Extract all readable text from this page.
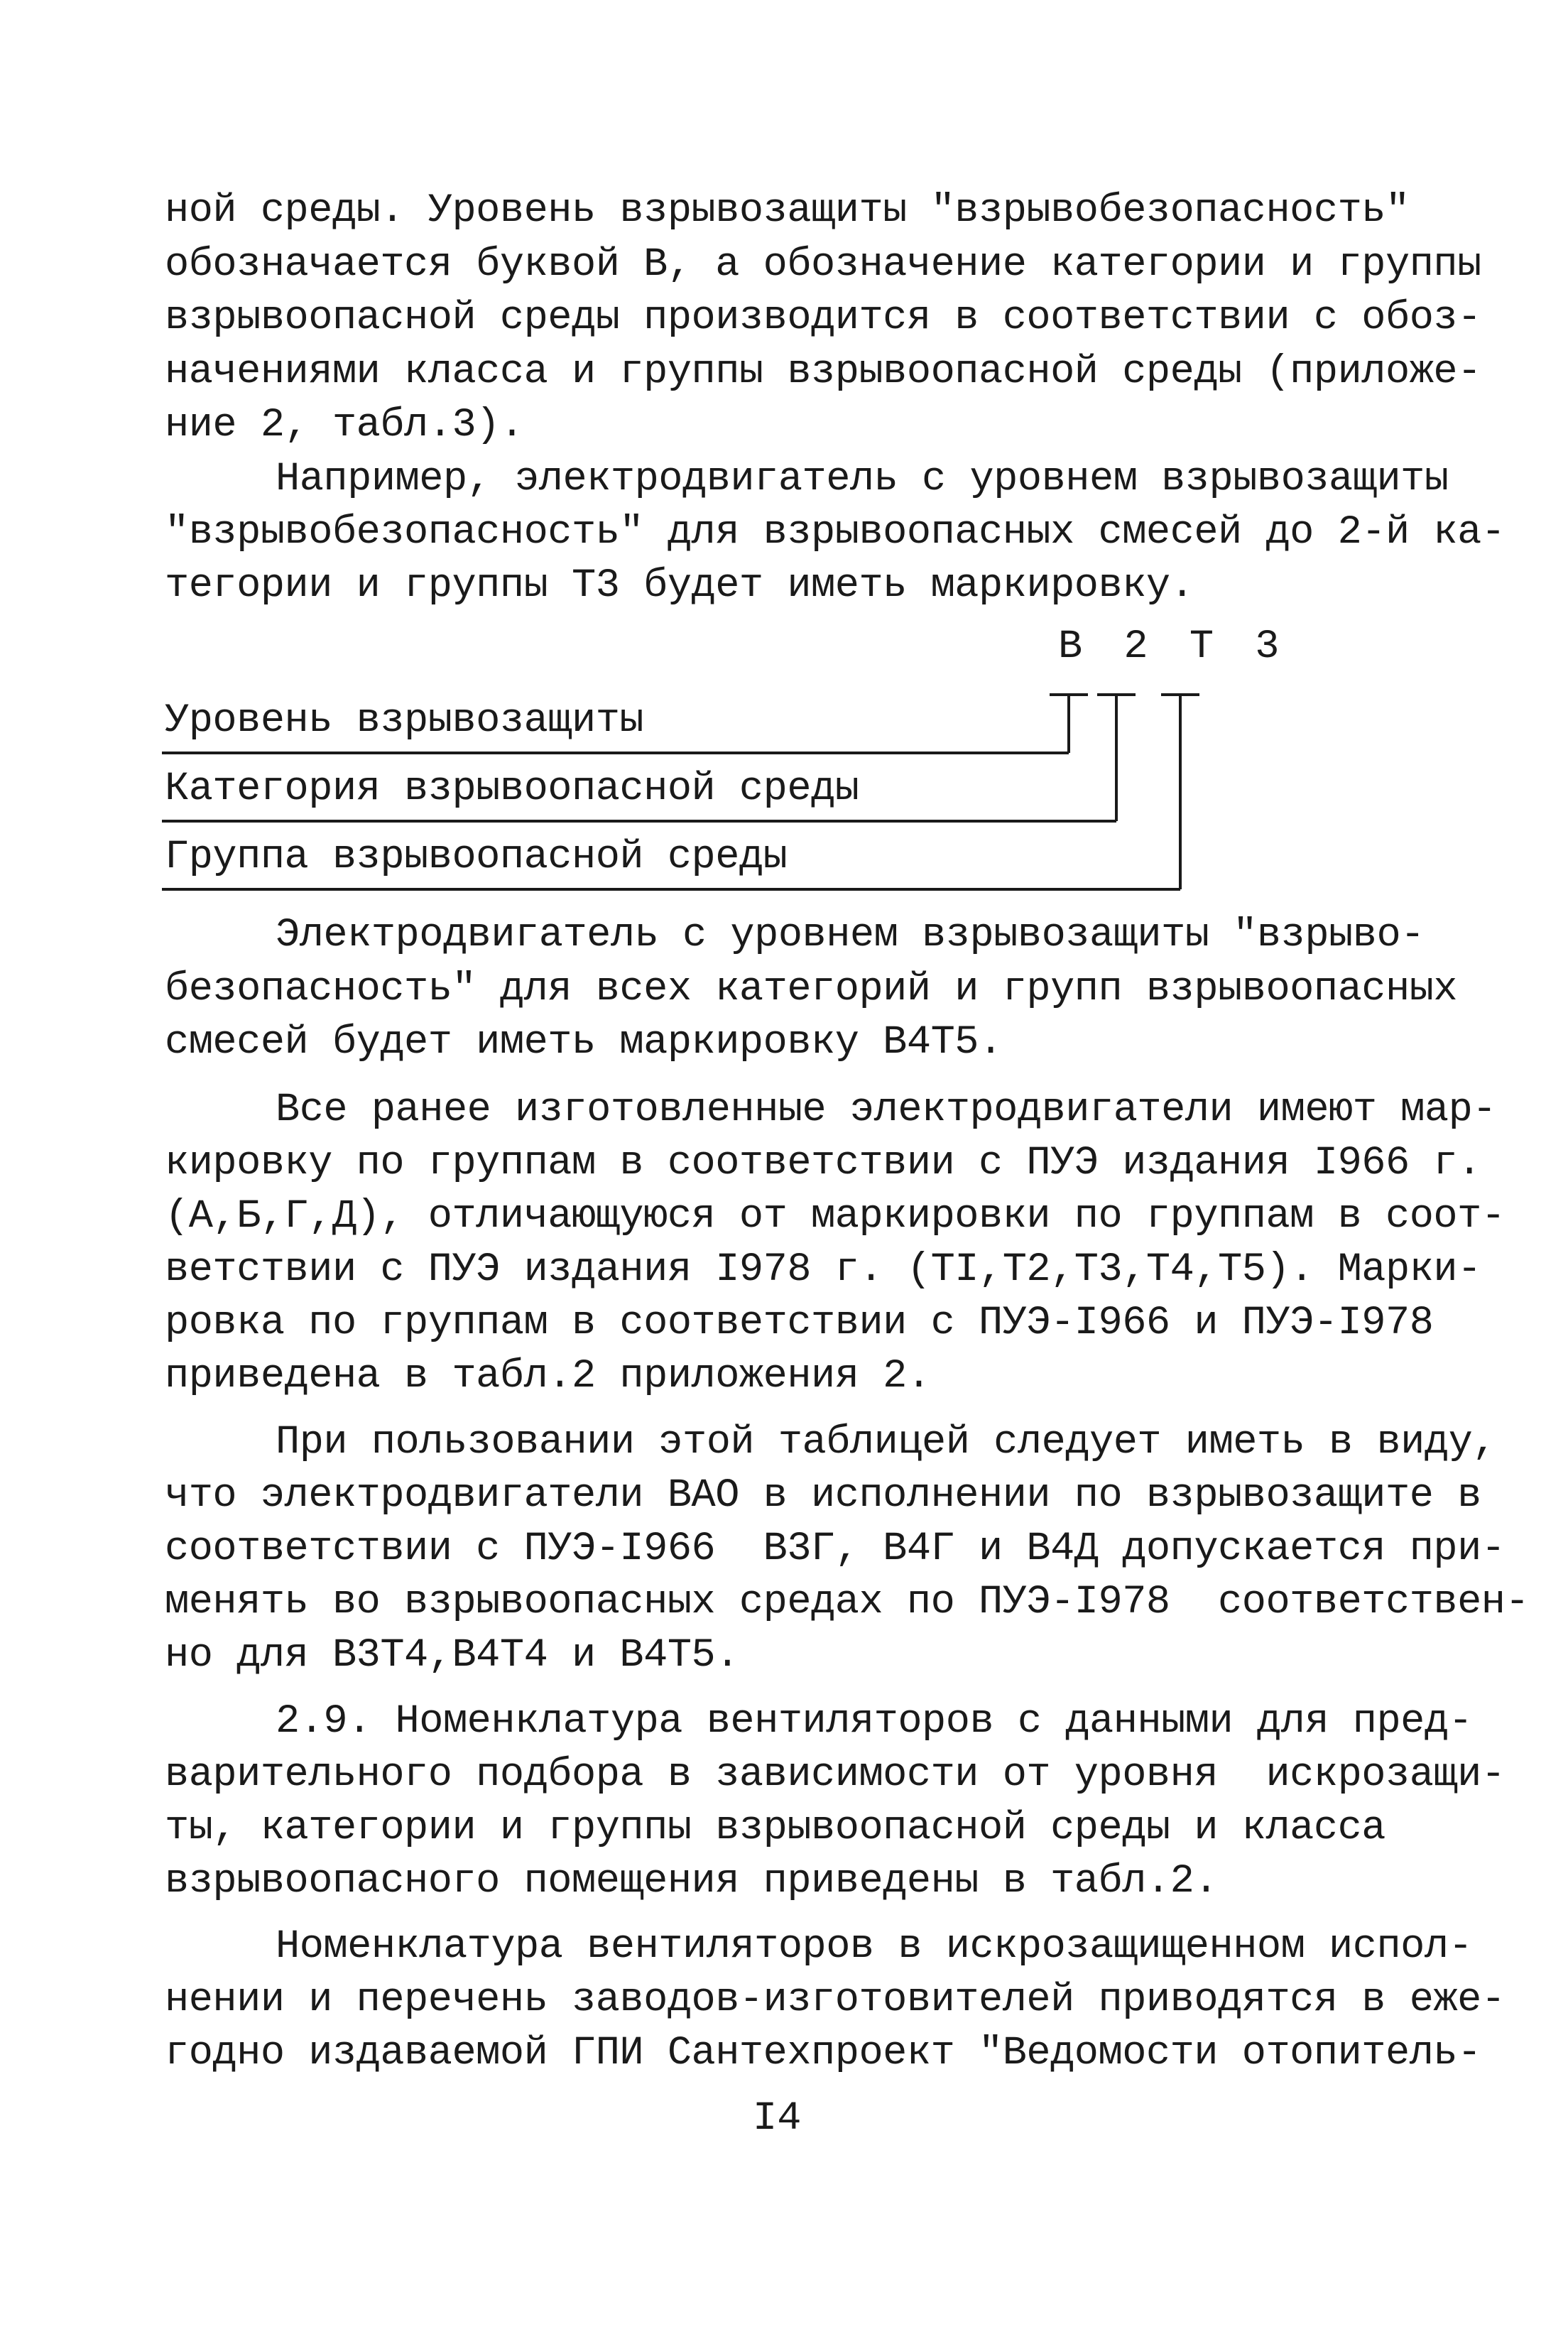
ной среды. Уровень взрывозащиты "взрывобезопасность"
обозначается буквой В, а обозначение категории и группы
взрывоопасной среды производится в соответствии с обоз-
начениями класса и группы взрывоопасной среды (приложе-
ние 2, табл.3).
Например, электродвигатель с уровнем взрывозащиты
"взрывобезопасность" для взрывоопасных смесей до 2-й ка-
тегории и группы Т3 будет иметь маркировку.
В 2 Т 3
Уровень взрывозащиты
Категория взрывоопасной среды
Группа взрывоопасной среды
Электродвигатель с уровнем взрывозащиты "взрыво-
безопасность" для всех категорий и групп взрывоопасных
смесей будет иметь маркировку В4Т5.
Все ранее изготовленные электродвигатели имеют мар-
кировку по группам в соответствии с ПУЭ издания I966 г.
(А,Б,Г,Д), отличающуюся от маркировки по группам в соот-
ветствии с ПУЭ издания I978 г. (TI,T2,T3,T4,T5). Марки-
ровка по группам в соответствии с ПУЭ-I966 и ПУЭ-I978
приведена в табл.2 приложения 2.
При пользовании этой таблицей следует иметь в виду,
что электродвигатели ВАО в исполнении по взрывозащите в
соответствии с ПУЭ-I966  В3Г, В4Г и В4Д допускается при-
менять во взрывоопасных средах по ПУЭ-I978  соответствен-
но для В3Т4,В4Т4 и В4Т5.
2.9. Номенклатура вентиляторов с данными для пред-
варительного подбора в зависимости от уровня  искрозащи-
ты, категории и группы взрывоопасной среды и класса
взрывоопасного помещения приведены в табл.2.
Номенклатура вентиляторов в искрозащищенном испол-
нении и перечень заводов-изготовителей приводятся в еже-
годно издаваемой ГПИ Сантехпроект "Ведомости отопитель-
I4
